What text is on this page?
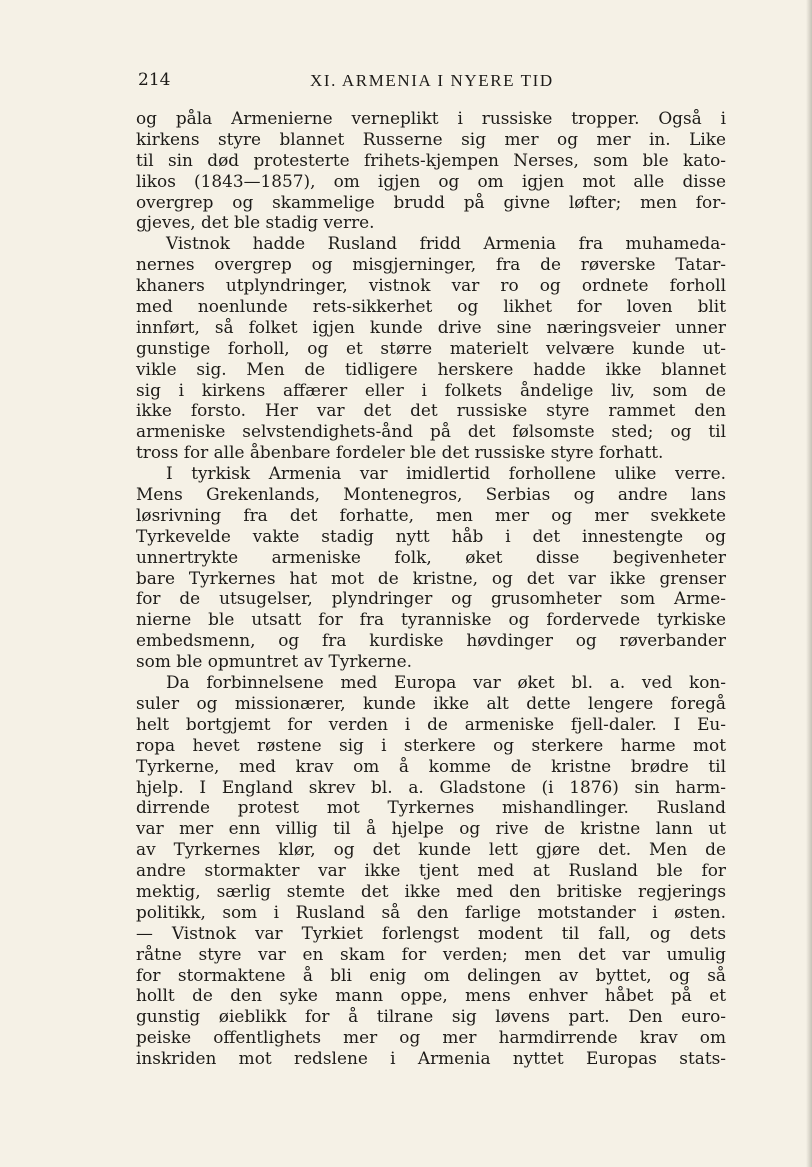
214	XI. ARMENIA I NYERE TID
og påla Armenierne verneplikt i russiske tropper. Også i
kirkens styre blannet Russerne sig mer og mer in. Like
til sin død protesterte frihets-kjempen Nerses, som ble kato-
likos (1843—1857), om igjen og om igjen mot alle disse
overgrep og skammelige brudd på givne løfter; men for-
gjeves, det ble stadig verre.
Vistnok hadde Rusland fridd Armenia fra muhameda-
nernes overgrep og misgjerninger, fra de røverske Tatar-
khaners utplyndringer, vistnok var ro og ordnete forholl
med noenlunde rets-sikkerhet og likhet for loven blit
innført, så folket igjen kunde drive sine næringsveier unner
gunstige forholl, og et større materielt velvære kunde ut-
vikle sig. Men de tidligere herskere hadde ikke blannet
sig i kirkens affærer eller i folkets åndelige liv, som de
ikke forsto. Her var det det russiske styre rammet den
armeniske selvstendighets-ånd på det følsomste sted; og til
tross for alle åbenbare fordeler ble det russiske styre forhatt.
I tyrkisk Armenia var imidlertid forhollene ulike verre.
Mens Grekenlands, Montenegros, Serbias og andre lans
løsrivning fra det forhatte, men mer og mer svekkete
Tyrkevelde vakte stadig nytt håb i det innestengte og
unnertrykte armeniske folk, øket disse begivenheter
bare Tyrkernes hat mot de kristne, og det var ikke grenser
for de utsugelser, plyndringer og grusomheter som Arme-
nierne ble utsatt for fra tyranniske og fordervede tyrkiske
embedsmenn, og fra kurdiske høvdinger og røverbander
som ble opmuntret av Tyrkerne.
Da forbinnelsene med Europa var øket bl. a. ved kon-
suler og missionærer, kunde ikke alt dette lengere foregå
helt bortgjemt for verden i de armeniske fjell-daler. I Eu-
ropa hevet røstene sig i sterkere og sterkere harme mot
Tyrkerne, med krav om å komme de kristne brødre til
hjelp. I England skrev bl. a. Gladstone (i 1876) sin harm-
dirrende protest mot Tyrkernes mishandlinger. Rusland
var mer enn villig til å hjelpe og rive de kristne lann ut
av Tyrkernes klør, og det kunde lett gjøre det. Men de
andre stormakter var ikke tjent med at Rusland ble for
mektig, særlig stemte det ikke med den britiske regjerings
politikk, som i Rusland så den farlige motstander i østen.
— Vistnok var Tyrkiet forlengst modent til fall, og dets
råtne styre var en skam for verden; men det var umulig
for stormaktene å bli enig om delingen av byttet, og så
hollt de den syke mann oppe, mens enhver håbet på et
gunstig øieblikk for å tilrane sig løvens part. Den euro-
peiske offentlighets mer og mer harmdirrende krav om
inskriden mot redslene i Armenia nyttet Europas stats-
